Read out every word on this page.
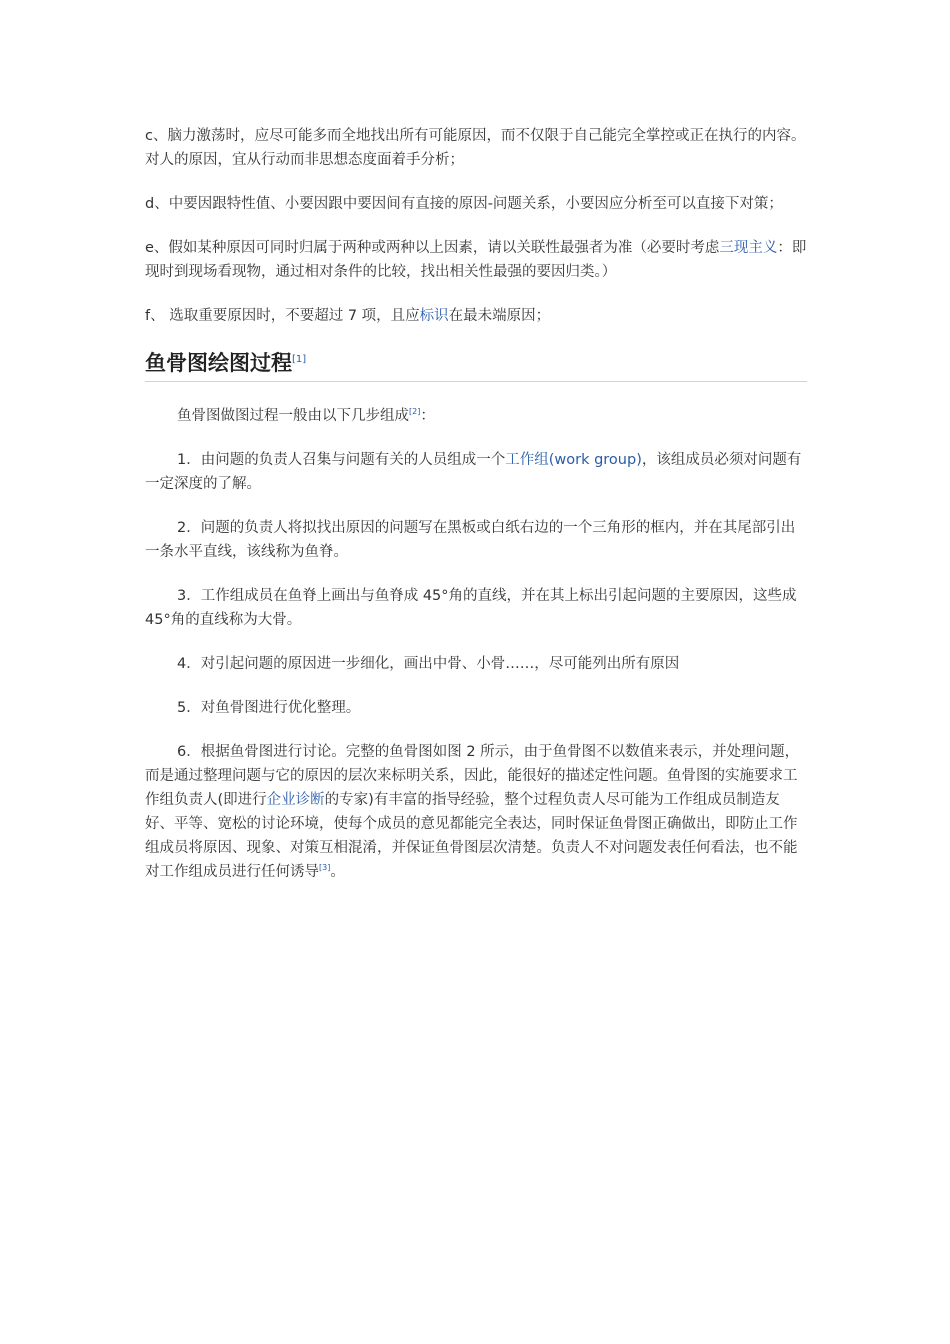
c、脑力激荡时，应尽可能多而全地找出所有可能原因，而不仅限于自己能完全掌控或正在执行的内容。对人的原因，宜从行动而非思想态度面着手分析；

d、中要因跟特性值、小要因跟中要因间有直接的原因-问题关系，小要因应分析至可以直接下对策；

e、假如某种原因可同时归属于两种或两种以上因素，请以关联性最强者为准（必要时考虑三现主义：即现时到现场看现物，通过相对条件的比较，找出相关性最强的要因归类。）

f、 选取重要原因时，不要超过 7 项，且应标识在最未端原因；

鱼骨图绘图过程[1]

鱼骨图做图过程一般由以下几步组成[2]：

1．由问题的负责人召集与问题有关的人员组成一个工作组(work group)，该组成员必须对问题有一定深度的了解。

2．问题的负责人将拟找出原因的问题写在黑板或白纸右边的一个三角形的框内，并在其尾部引出一条水平直线，该线称为鱼脊。

3．工作组成员在鱼脊上画出与鱼脊成 45°角的直线，并在其上标出引起问题的主要原因，这些成 45°角的直线称为大骨。

4．对引起问题的原因进一步细化，画出中骨、小骨……，尽可能列出所有原因

5．对鱼骨图进行优化整理。

6．根据鱼骨图进行讨论。完整的鱼骨图如图 2 所示，由于鱼骨图不以数值来表示，并处理问题，而是通过整理问题与它的原因的层次来标明关系，因此，能很好的描述定性问题。鱼骨图的实施要求工作组负责人(即进行企业诊断的专家)有丰富的指导经验，整个过程负责人尽可能为工作组成员制造友好、平等、宽松的讨论环境，使每个成员的意见都能完全表达，同时保证鱼骨图正确做出，即防止工作组成员将原因、现象、对策互相混淆，并保证鱼骨图层次清楚。负责人不对问题发表任何看法，也不能对工作组成员进行任何诱导[3]。
